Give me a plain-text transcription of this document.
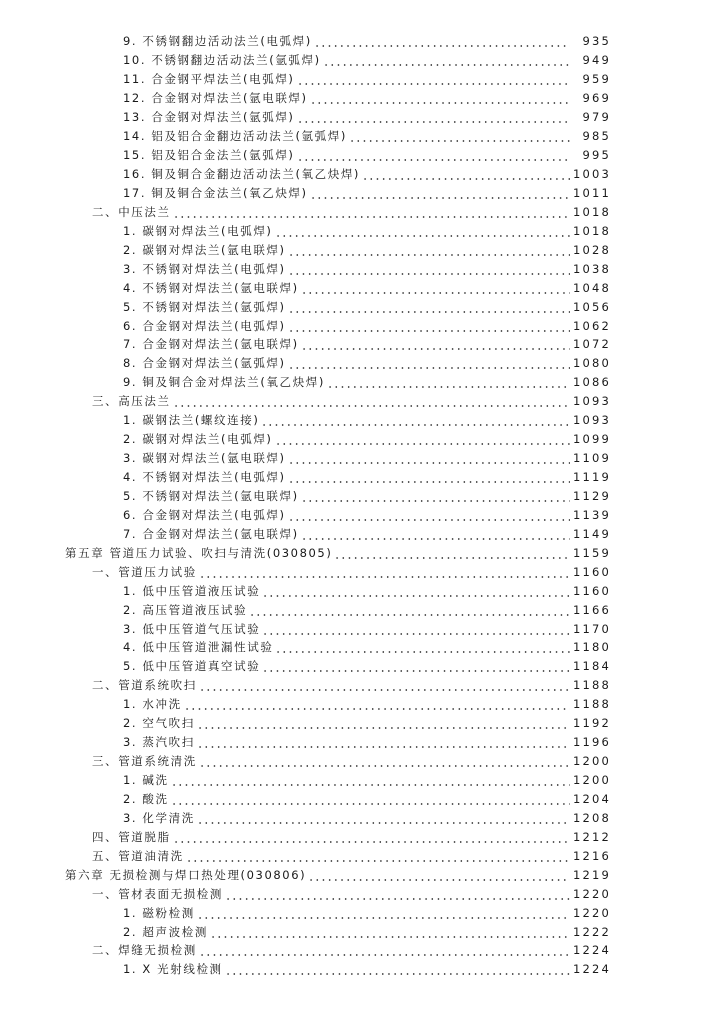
9. 不锈钢翻边活动法兰(电弧焊)	935
10. 不锈钢翻边活动法兰(氩弧焊)	949
11. 合金钢平焊法兰(电弧焊)	959
12. 合金钢对焊法兰(氩电联焊)	969
13. 合金钢对焊法兰(氩弧焊)	979
14. 铝及铝合金翻边活动法兰(氩弧焊)	985
15. 铝及铝合金法兰(氩弧焊)	995
16. 铜及铜合金翻边活动法兰(氧乙炔焊)	1003
17. 铜及铜合金法兰(氧乙炔焊)	1011
二、中压法兰	1018
1. 碳钢对焊法兰(电弧焊)	1018
2. 碳钢对焊法兰(氩电联焊)	1028
3. 不锈钢对焊法兰(电弧焊)	1038
4. 不锈钢对焊法兰(氩电联焊)	1048
5. 不锈钢对焊法兰(氩弧焊)	1056
6. 合金钢对焊法兰(电弧焊)	1062
7. 合金钢对焊法兰(氩电联焊)	1072
8. 合金钢对焊法兰(氩弧焊)	1080
9. 铜及铜合金对焊法兰(氧乙炔焊)	1086
三、高压法兰	1093
1. 碳钢法兰(螺纹连接)	1093
2. 碳钢对焊法兰(电弧焊)	1099
3. 碳钢对焊法兰(氩电联焊)	1109
4. 不锈钢对焊法兰(电弧焊)	1119
5. 不锈钢对焊法兰(氩电联焊)	1129
6. 合金钢对焊法兰(电弧焊)	1139
7. 合金钢对焊法兰(氩电联焊)	1149
第五章 管道压力试验、吹扫与清洗(030805)	1159
一、管道压力试验	1160
1. 低中压管道液压试验	1160
2. 高压管道液压试验	1166
3. 低中压管道气压试验	1170
4. 低中压管道泄漏性试验	1180
5. 低中压管道真空试验	1184
二、管道系统吹扫	1188
1. 水冲洗	1188
2. 空气吹扫	1192
3. 蒸汽吹扫	1196
三、管道系统清洗	1200
1. 碱洗	1200
2. 酸洗	1204
3. 化学清洗	1208
四、管道脱脂	1212
五、管道油清洗	1216
第六章 无损检测与焊口热处理(030806)	1219
一、管材表面无损检测	1220
1. 磁粉检测	1220
2. 超声波检测	1222
二、焊缝无损检测	1224
1. X 光射线检测	1224
